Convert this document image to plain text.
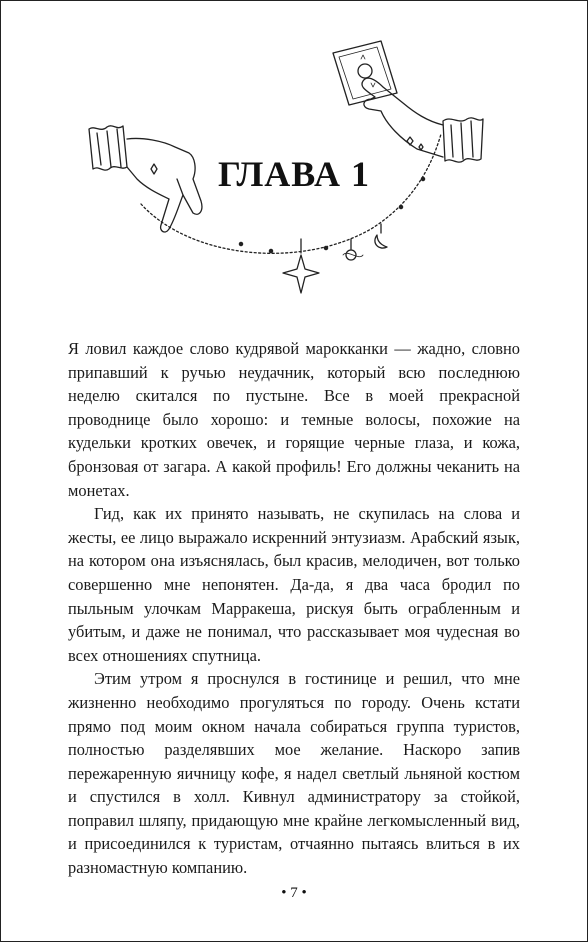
ГЛАВА 1

Я ловил каждое слово кудрявой марокканки — жадно, словно припавший к ручью неудачник, который всю последнюю неделю скитался по пустыне. Все в моей прекрасной проводнице было хорошо: и темные волосы, похожие на кудельки кротких овечек, и горящие черные глаза, и кожа, бронзовая от загара. А какой профиль! Его должны чеканить на монетах.

Гид, как их принято называть, не скупилась на слова и жесты, ее лицо выражало искренний энтузиазм. Арабский язык, на котором она изъяснялась, был красив, мелодичен, вот только совершенно мне непонятен. Да-да, я два часа бродил по пыльным улочкам Марракеша, рискуя быть ограбленным и убитым, и даже не понимал, что рассказывает моя чудесная во всех отношениях спутница.

Этим утром я проснулся в гостинице и решил, что мне жизненно необходимо прогуляться по городу. Очень кстати прямо под моим окном начала собираться группа туристов, полностью разделявших мое желание. Наскоро запив пережаренную яичницу кофе, я надел светлый льняной костюм и спустился в холл. Кивнул администратору за стойкой, поправил шляпу, придающую мне крайне легкомысленный вид, и присоединился к туристам, отчаянно пытаясь влиться в их разномастную компанию.

• 7 •
